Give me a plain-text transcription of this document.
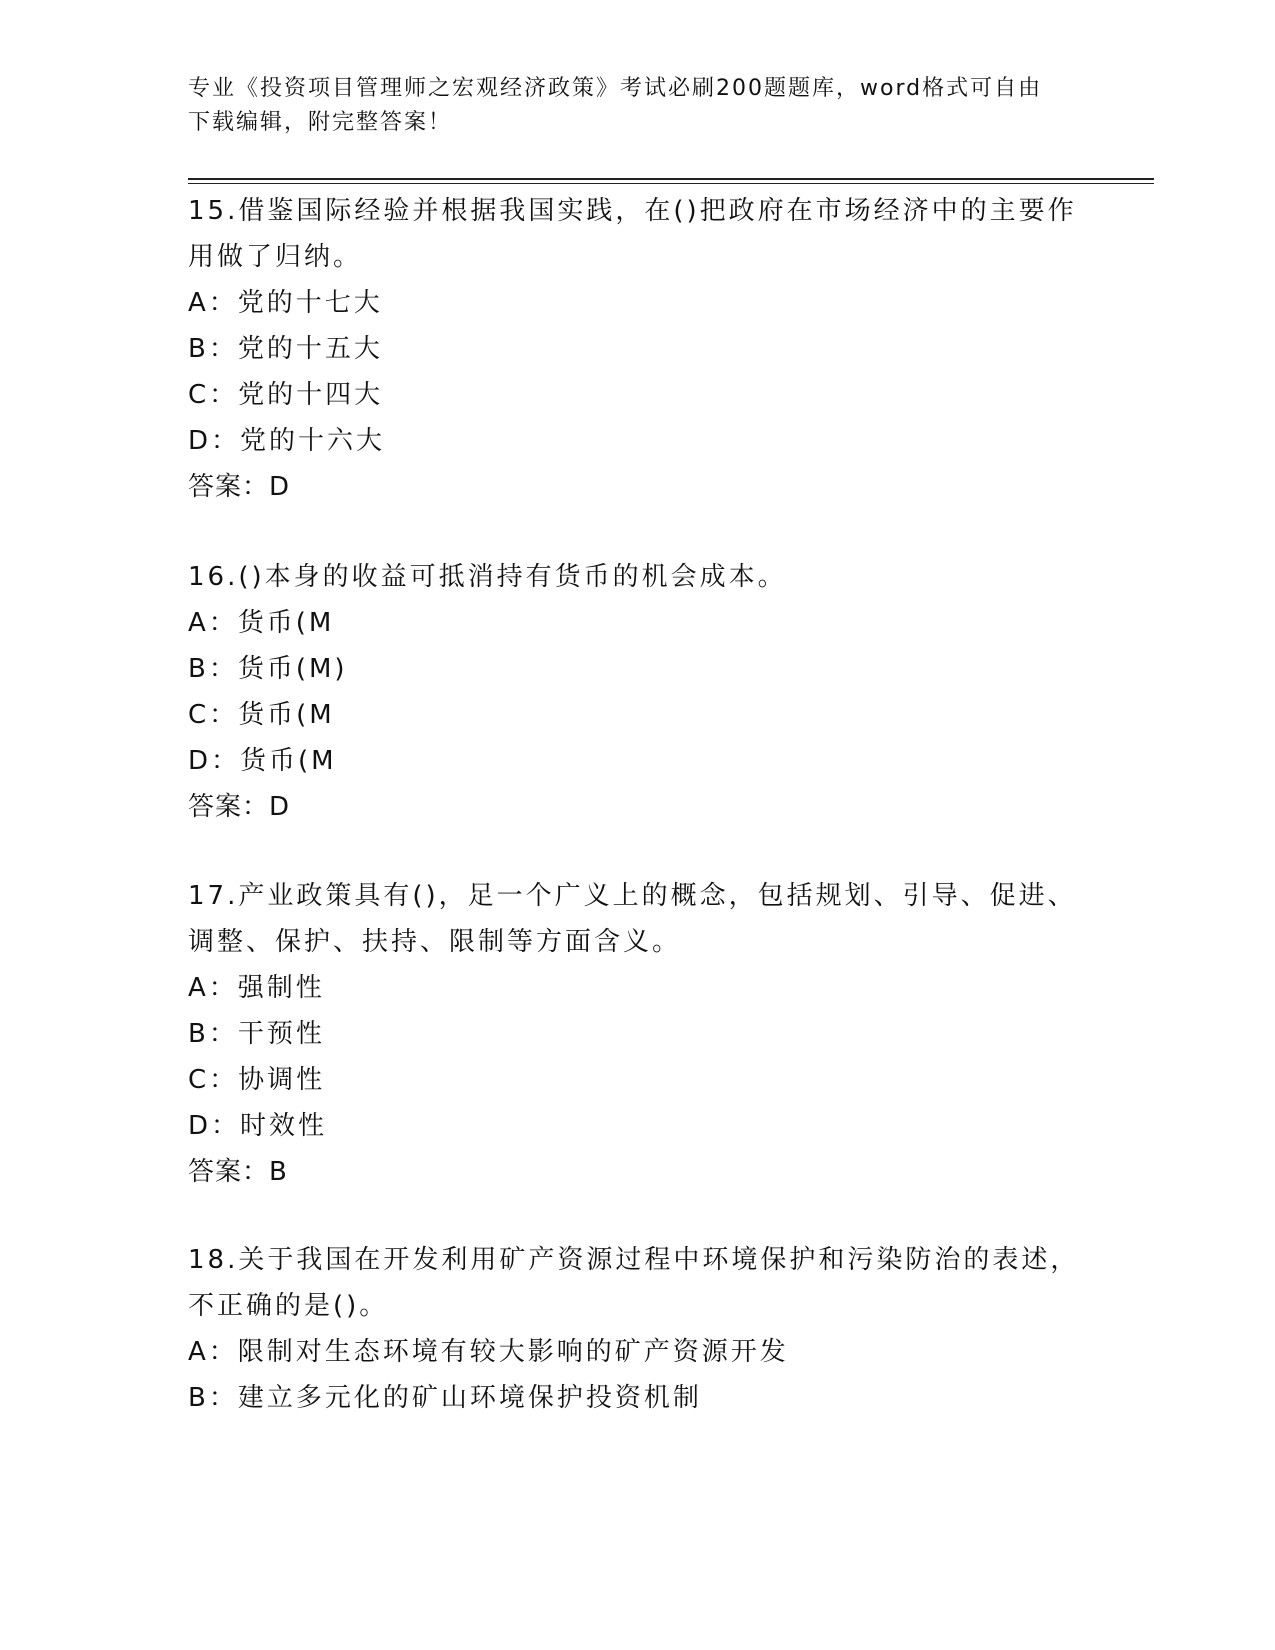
专业《投资项目管理师之宏观经济政策》考试必刷200题题库，word格式可自由
下载编辑，附完整答案！

15.借鉴国际经验并根据我国实践，在()把政府在市场经济中的主要作

用做了归纳。

A：党的十七大

B：党的十五大

C：党的十四大

D：党的十六大

答案：D

16.()本身的收益可抵消持有货币的机会成本。

A：货币(M

B：货币(M)

C：货币(M

D：货币(M

答案：D

17.产业政策具有()，足一个广义上的概念，包括规划、引导、促进、

调整、保护、扶持、限制等方面含义。

A：强制性

B：干预性

C：协调性

D：时效性

答案：B

18.关于我国在开发利用矿产资源过程中环境保护和污染防治的表述，

不正确的是()。

A：限制对生态环境有较大影响的矿产资源开发

B：建立多元化的矿山环境保护投资机制
